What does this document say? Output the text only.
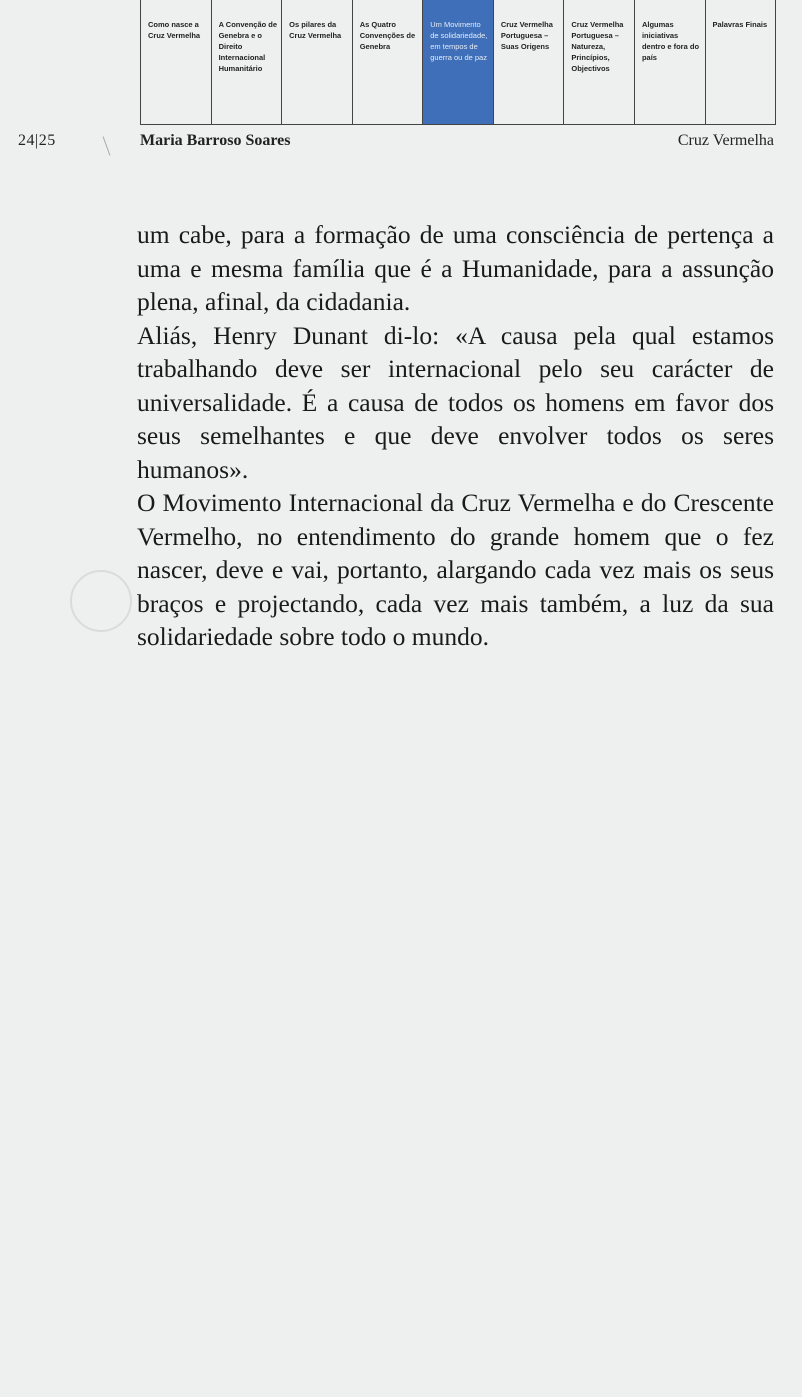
Como nasce a Cruz Vermelha
A Convenção de Genebra e o Direito Internacional Humanitário
Os pilares da Cruz Vermelha
As Quatro Convenções de Genebra
Um Movimento de solidariedade, em tempos de guerra ou de paz
Cruz Vermelha Portuguesa – Suas Origens
Cruz Vermelha Portuguesa – Natureza, Princípios, Objectivos
Algumas iniciativas dentro e fora do país
Palavras Finais
24|25	Maria Barroso Soares	Cruz Vermelha

um cabe, para a formação de uma consciência de pertença a uma e mesma família que é a Humanidade, para a assunção plena, afinal, da cidadania.

Aliás, Henry Dunant di-lo: «A causa pela qual estamos trabalhando deve ser internacional pelo seu carácter de universalidade. É a causa de todos os homens em favor dos seus semelhantes e que deve envolver todos os seres humanos».

O Movimento Internacional da Cruz Vermelha e do Crescente Vermelho, no entendimento do grande homem que o fez nascer, deve e vai, portanto, alargando cada vez mais os seus braços e projectando, cada vez mais também, a luz da sua solidariedade sobre todo o mundo.
